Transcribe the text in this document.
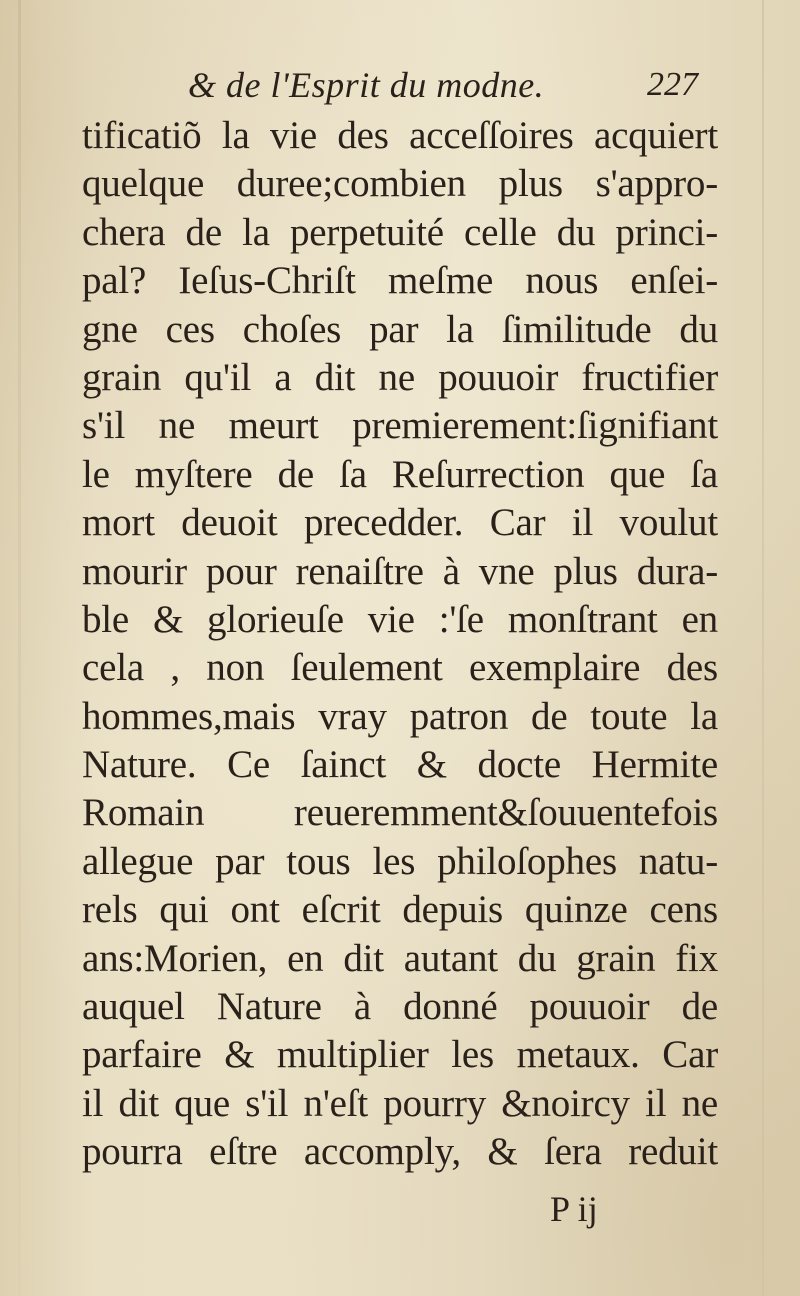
& de l'Esprit du modne.	227
tificatiõ la vie des acceſſoires acquiert
quelque duree;combien plus s'appro-
chera de la perpetuité celle du princi-
pal? Ieſus-Chriſt meſme nous enſei-
gne ces choſes par la ſimilitude du
grain qu'il a dit ne pouuoir fructifier
s'il ne meurt premierement:ſignifiant
le myſtere de ſa Reſurrection que ſa
mort deuoit precedder. Car il voulut
mourir pour renaiſtre à vne plus dura-
ble & glorieuſe vie :'ſe monſtrant en
cela , non ſeulement exemplaire des
hommes,mais vray patron de toute la
Nature. Ce ſainct & docte Hermite
Romain reueremment&ſouuentefois
allegue par tous les philoſophes natu-
rels qui ont eſcrit depuis quinze cens
ans:Morien, en dit autant du grain fix
auquel Nature à donné pouuoir de
parfaire & multiplier les metaux. Car
il dit que s'il n'eſt pourry &noircy il ne
pourra eſtre accomply, & ſera reduit
P ij
